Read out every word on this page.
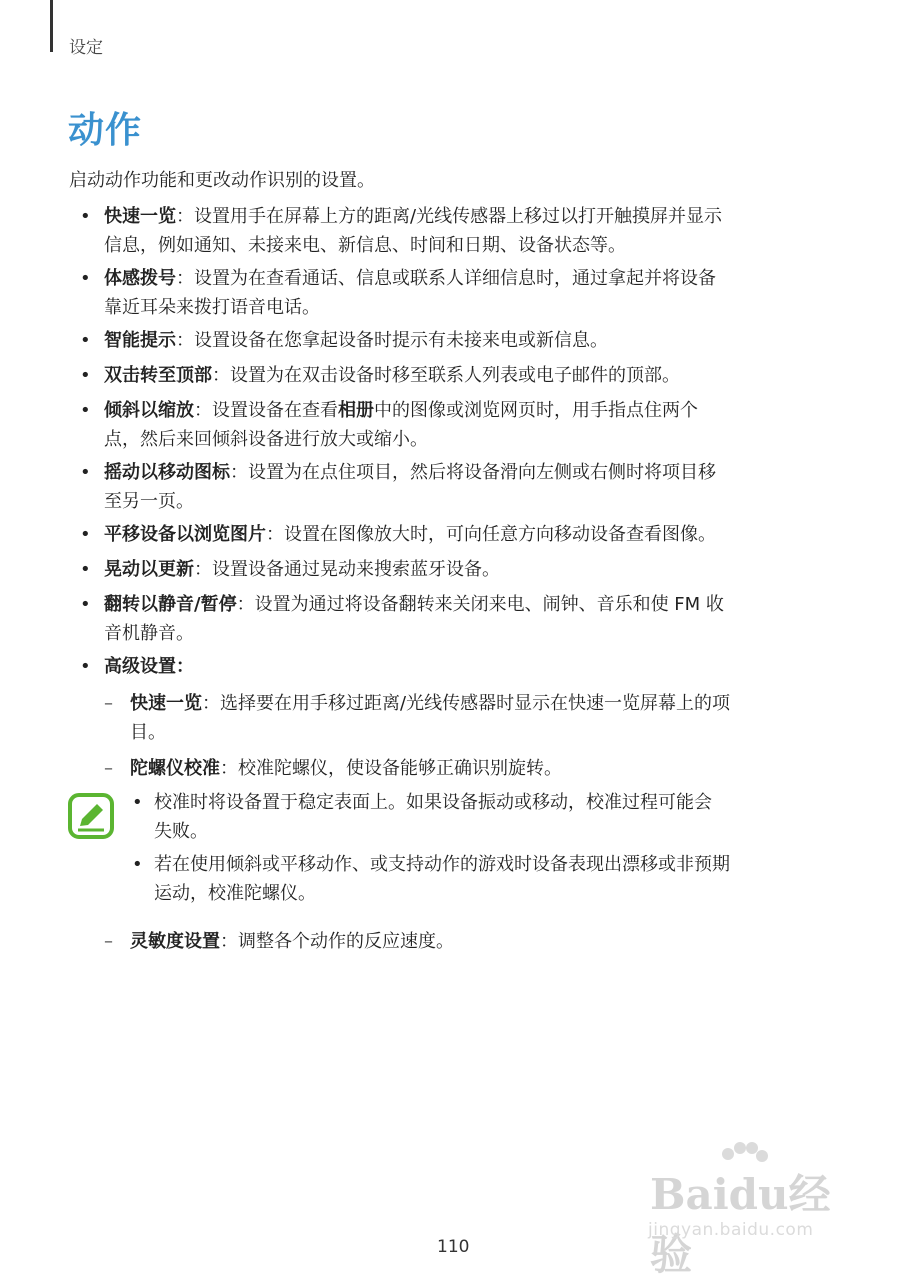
设定
动作

启动动作功能和更改动作识别的设置。

• 快速一览：设置用手在屏幕上方的距离/光线传感器上移过以打开触摸屏并显示
信息，例如通知、未接来电、新信息、时间和日期、设备状态等。
• 体感拨号：设置为在查看通话、信息或联系人详细信息时，通过拿起并将设备
靠近耳朵来拨打语音电话。
• 智能提示：设置设备在您拿起设备时提示有未接来电或新信息。
• 双击转至顶部：设置为在双击设备时移至联系人列表或电子邮件的顶部。
• 倾斜以缩放：设置设备在查看相册中的图像或浏览网页时，用手指点住两个
点，然后来回倾斜设备进行放大或缩小。
• 摇动以移动图标：设置为在点住项目，然后将设备滑向左侧或右侧时将项目移
至另一页。
• 平移设备以浏览图片：设置在图像放大时，可向任意方向移动设备查看图像。
• 晃动以更新：设置设备通过晃动来搜索蓝牙设备。
• 翻转以静音/暂停：设置为通过将设备翻转来关闭来电、闹钟、音乐和使 FM 收
音机静音。
• 高级设置：
– 快速一览：选择要在用手移过距离/光线传感器时显示在快速一览屏幕上的项
目。
– 陀螺仪校准：校准陀螺仪，使设备能够正确识别旋转。
• 校准时将设备置于稳定表面上。如果设备振动或移动，校准过程可能会
失败。
• 若在使用倾斜或平移动作、或支持动作的游戏时设备表现出漂移或非预期
运动，校准陀螺仪。
– 灵敏度设置：调整各个动作的反应速度。
Baidu经验
jingyan.baidu.com
110
